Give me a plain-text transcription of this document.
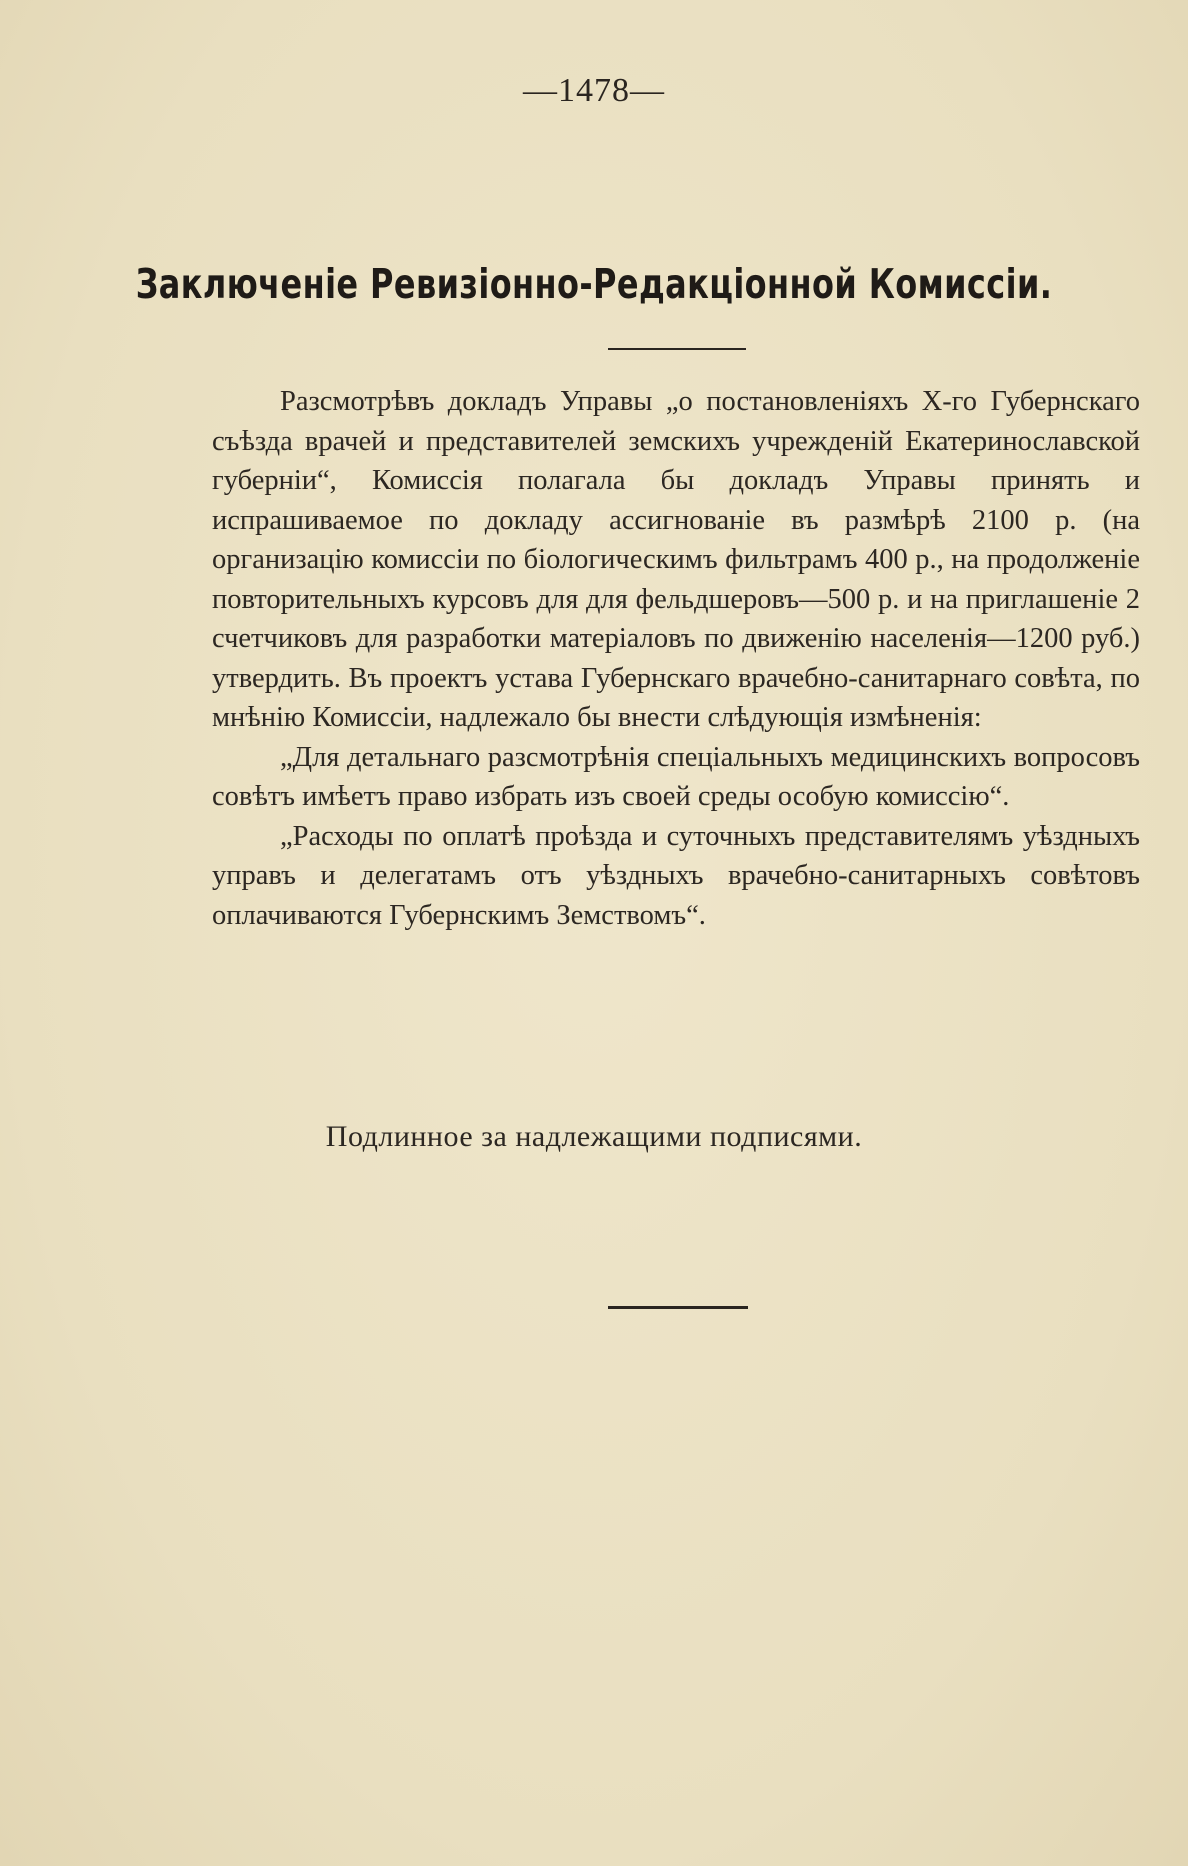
—1478—
Заключенiе Ревизiонно-Редакцiонной Комиссiи.

Разсмотрѣвъ докладъ Управы „о постановленiяхъ X-го Губернскаго съѣзда врачей и представителей земскихъ учрежденiй Екатеринославской губернiи“, Комиссiя полагала бы докладъ Управы принять и испрашиваемое по докладу ассигнованiе въ размѣрѣ 2100 р. (на организацiю комиссiи по бiологическимъ фильтрамъ 400 р., на продолженiе повторительныхъ курсовъ для для фельдшеровъ—500 р. и на приглашенiе 2 счетчиковъ для разработки матерiаловъ по движенiю населенiя—1200 руб.) утвердить. Въ проектъ устава Губернскаго врачебно-санитарнаго совѣта, по мнѣнiю Комиссiи, надлежало бы внести слѣдующiя измѣненiя:

„Для детальнаго разсмотрѣнiя спецiальныхъ медицинскихъ вопросовъ совѣтъ имѣетъ право избрать изъ своей среды особую комиссiю“.

„Расходы по оплатѣ проѣзда и суточныхъ представителямъ уѣздныхъ управъ и делегатамъ отъ уѣздныхъ врачебно-санитарныхъ совѣтовъ оплачиваются Губернскимъ Земствомъ“.

Подлинное за надлежащими подписями.
